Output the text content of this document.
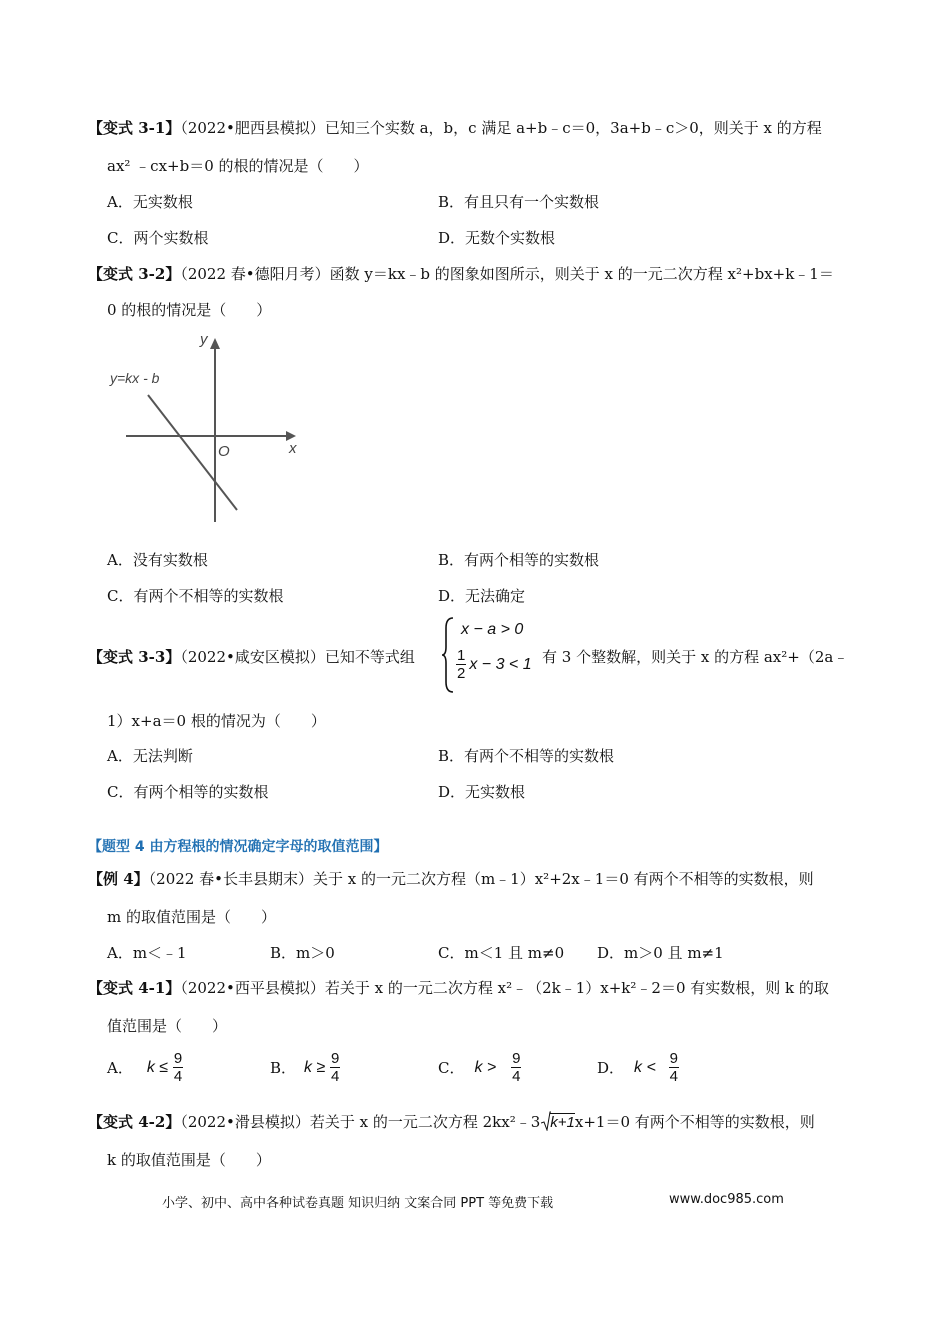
【变式 3-1】（2022•肥西县模拟）已知三个实数 a，b，c 满足 a+b﹣c＝0，3a+b﹣c＞0，则关于 x 的方程
ax² ﹣cx+b＝0 的根的情况是（　　）
A．无实数根	B．有且只有一个实数根
C．两个实数根	D．无数个实数根
【变式 3-2】（2022 春•德阳月考）函数 y＝kx﹣b 的图象如图所示，则关于 x 的一元二次方程 x²+bx+k﹣1＝
0 的根的情况是（　　）
y=kx - b
x
y
O
A．没有实数根	B．有两个相等的实数根
C．有两个不相等的实数根	D．无法确定
【变式 3-3】（2022•咸安区模拟）已知不等式组
x − a > 0
$\frac{1}{2}$ x − 3 < 1 有 3 个整数解，则关于 x 的方程 ax²+（2a﹣
1）x+a＝0 根的情况为（　　）
A．无法判断	B．有两个不相等的实数根
C．有两个相等的实数根	D．无实数根
【题型 4 由方程根的情况确定字母的取值范围】
【例 4】（2022 春•长丰县期末）关于 x 的一元二次方程（m﹣1）x²+2x﹣1＝0 有两个不相等的实数根，则
m 的取值范围是（　　）
A．m＜﹣1	B．m＞0	C．m＜1 且 m≠0 D．m＞0 且 m≠1
【变式 4-1】（2022•西平县模拟）若关于 x 的一元二次方程 x²﹣（2k﹣1）x+k²﹣2＝0 有实数根，则 k 的取
值范围是（　　）
A． $k \le \frac{9}{4}$	B． $k \ge \frac{9}{4}$	C． $k > \frac{9}{4}$	D． $k < \frac{9}{4}$
【变式 4-2】（2022•滑县模拟）若关于 x 的一元二次方程 2kx²﹣3 k+1x+1＝0 有两个不相等的实数根，则
k 的取值范围是（　　）
小学、初中、高中各种试卷真题 知识归纳 文案合同 PPT 等免费下载	www.doc985.com
